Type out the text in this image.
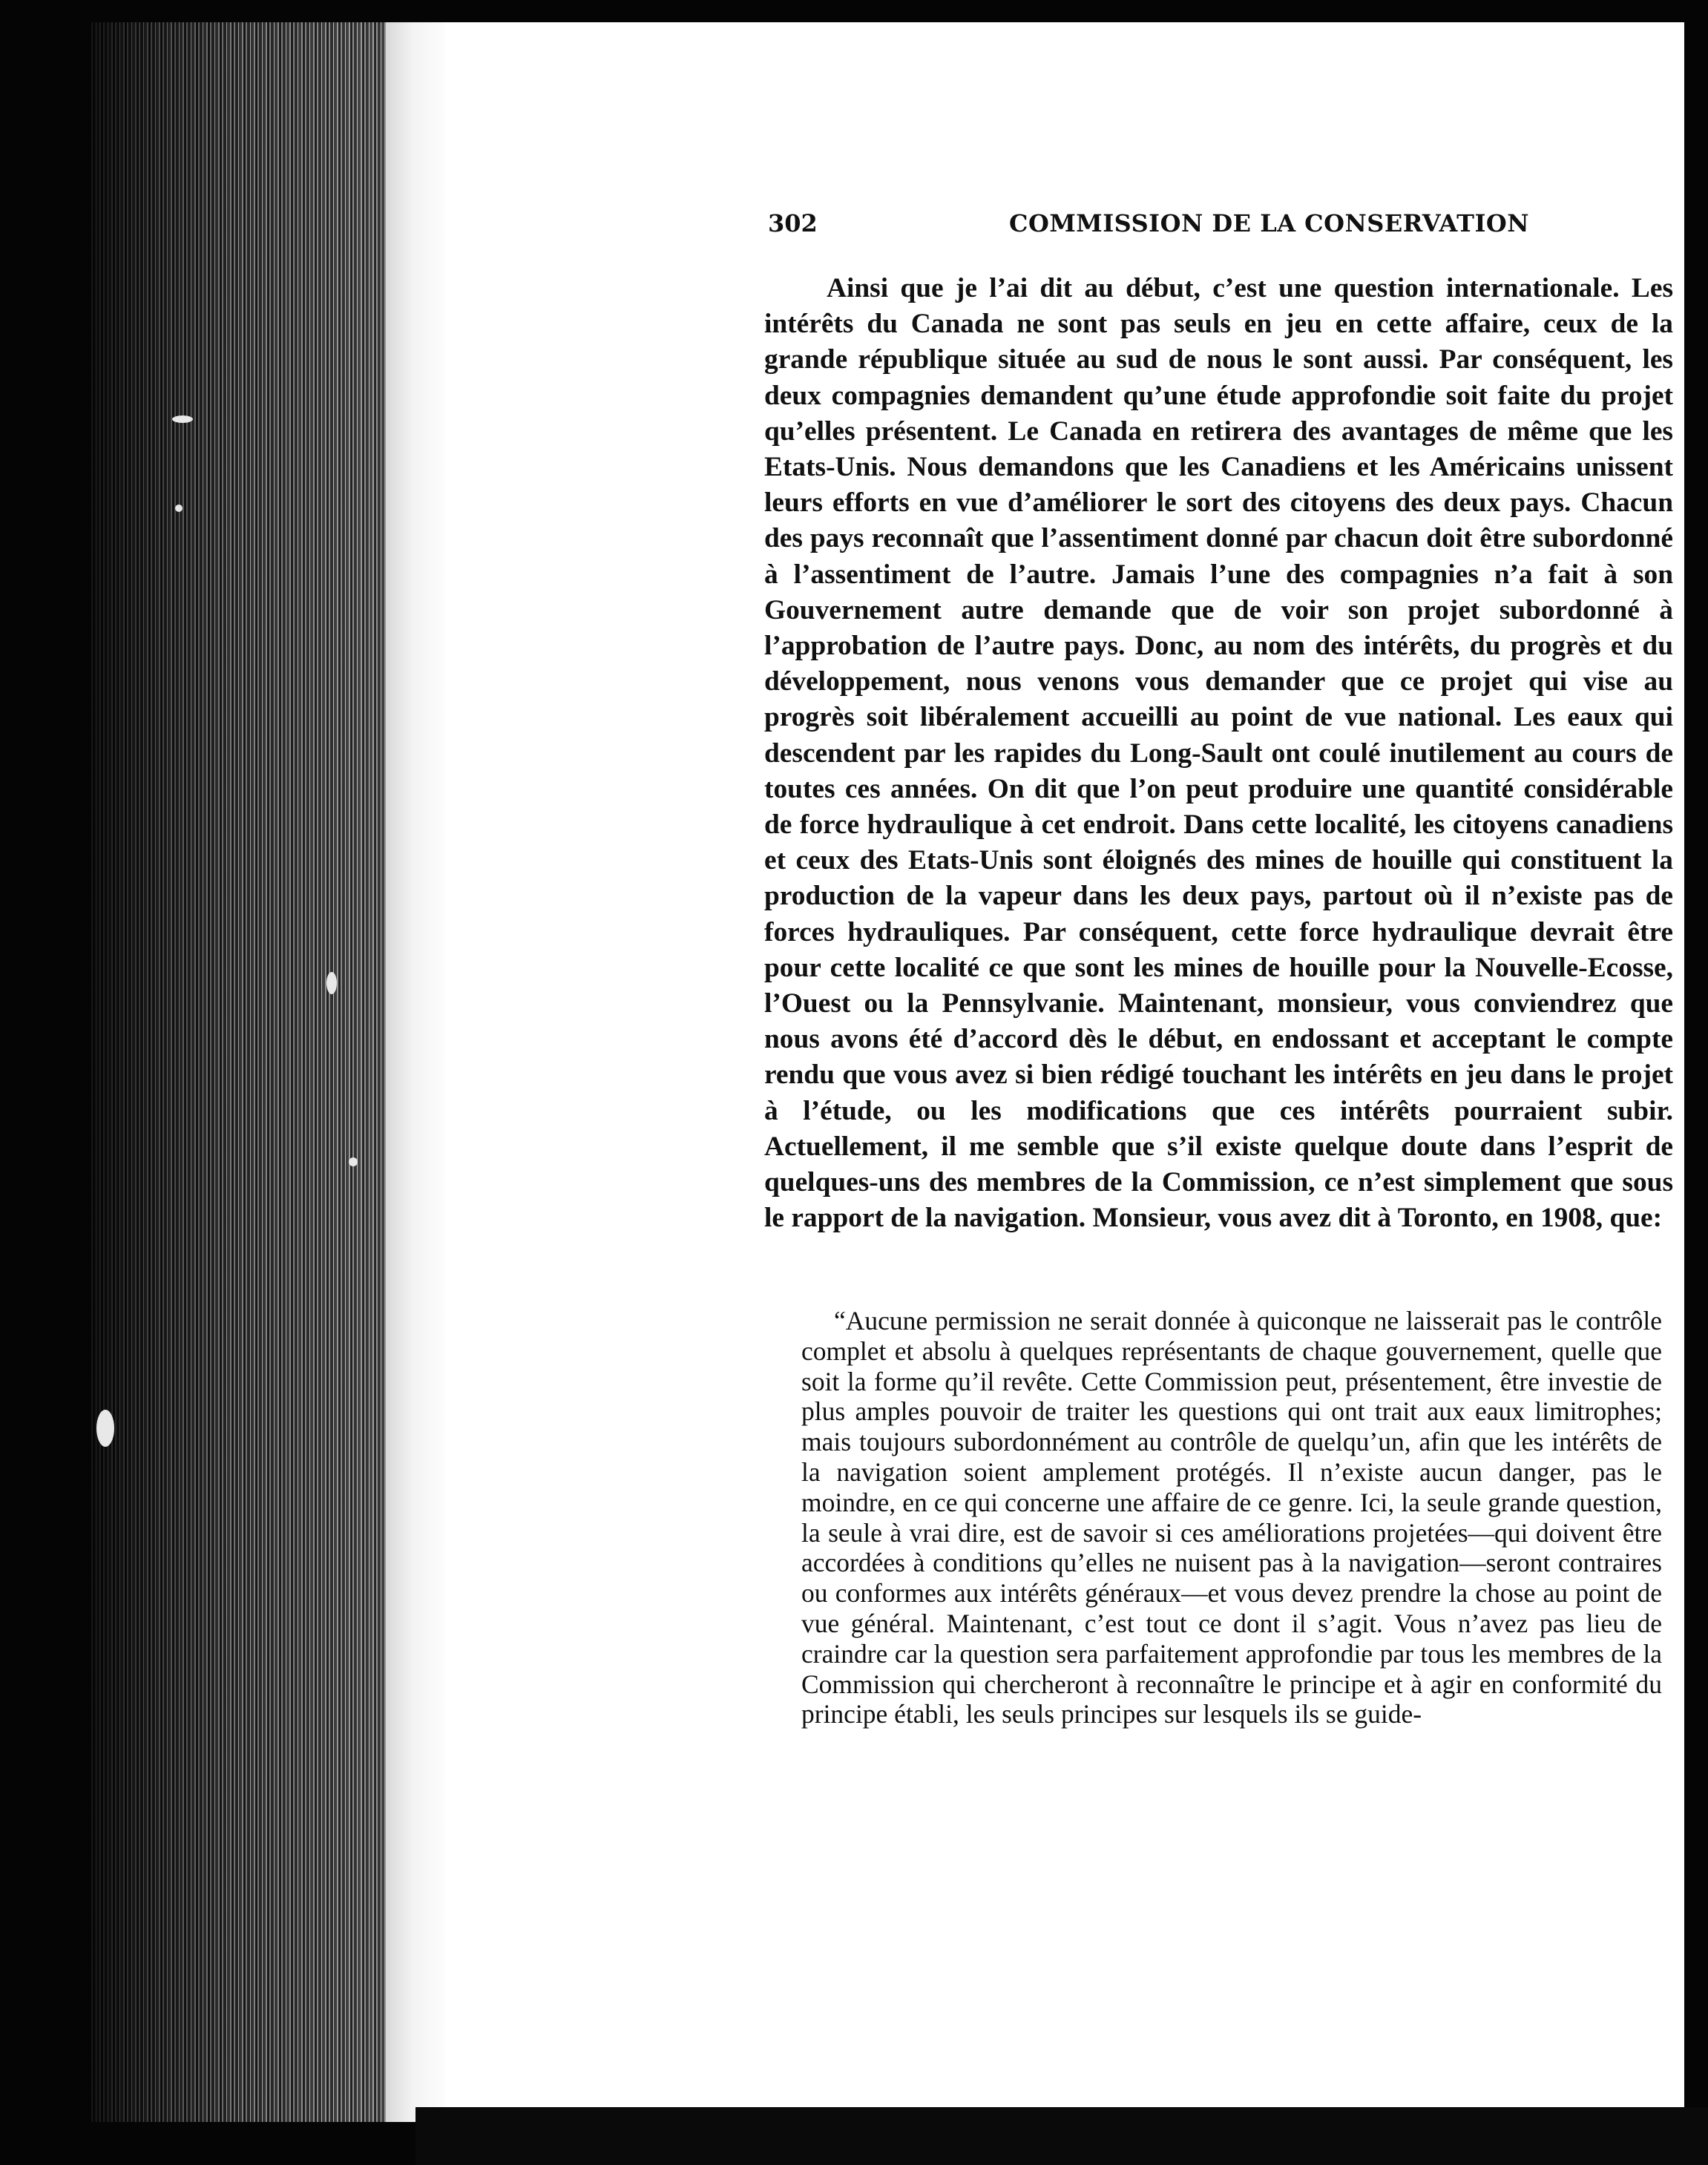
302	COMMISSION DE LA CONSERVATION

Ainsi que je l’ai dit au début, c’est une question internationale. Les intérêts du Canada ne sont pas seuls en jeu en cette affaire, ceux de la grande république située au sud de nous le sont aussi. Par conséquent, les deux compagnies demandent qu’une étude approfondie soit faite du projet qu’elles présentent. Le Canada en retirera des avantages de même que les Etats-Unis. Nous demandons que les Canadiens et les Américains unissent leurs efforts en vue d’améliorer le sort des citoyens des deux pays. Chacun des pays reconnaît que l’assentiment donné par chacun doit être subordonné à l’assentiment de l’autre. Jamais l’une des compagnies n’a fait à son Gouvernement autre demande que de voir son projet subordonné à l’approbation de l’autre pays. Donc, au nom des intérêts, du progrès et du développement, nous venons vous demander que ce projet qui vise au progrès soit libéralement accueilli au point de vue national. Les eaux qui descendent par les rapides du Long-Sault ont coulé inutilement au cours de toutes ces années. On dit que l’on peut produire une quantité considérable de force hydraulique à cet endroit. Dans cette localité, les citoyens canadiens et ceux des Etats-Unis sont éloignés des mines de houille qui constituent la production de la vapeur dans les deux pays, partout où il n’existe pas de forces hydrauliques. Par conséquent, cette force hydraulique devrait être pour cette localité ce que sont les mines de houille pour la Nouvelle-Ecosse, l’Ouest ou la Pennsylvanie. Maintenant, monsieur, vous conviendrez que nous avons été d’accord dès le début, en endossant et acceptant le compte rendu que vous avez si bien rédigé touchant les intérêts en jeu dans le projet à l’étude, ou les modifications que ces intérêts pourraient subir. Actuellement, il me semble que s’il existe quelque doute dans l’esprit de quelques-uns des membres de la Commission, ce n’est simplement que sous le rapport de la navigation. Monsieur, vous avez dit à Toronto, en 1908, que:

“Aucune permission ne serait donnée à quiconque ne laisserait pas le contrôle complet et absolu à quelques représentants de chaque gouvernement, quelle que soit la forme qu’il revête. Cette Commission peut, présentement, être investie de plus amples pouvoir de traiter les questions qui ont trait aux eaux limitrophes; mais toujours subordonnément au contrôle de quelqu’un, afin que les intérêts de la navigation soient amplement protégés. Il n’existe aucun danger, pas le moindre, en ce qui concerne une affaire de ce genre. Ici, la seule grande question, la seule à vrai dire, est de savoir si ces améliorations projetées—qui doivent être accordées à conditions qu’elles ne nuisent pas à la navigation—seront contraires ou conformes aux intérêts généraux—et vous devez prendre la chose au point de vue général. Maintenant, c’est tout ce dont il s’agit. Vous n’avez pas lieu de craindre car la question sera parfaitement approfondie par tous les membres de la Commission qui chercheront à reconnaître le principe et à agir en conformité du principe établi, les seuls principes sur lesquels ils se guide-
